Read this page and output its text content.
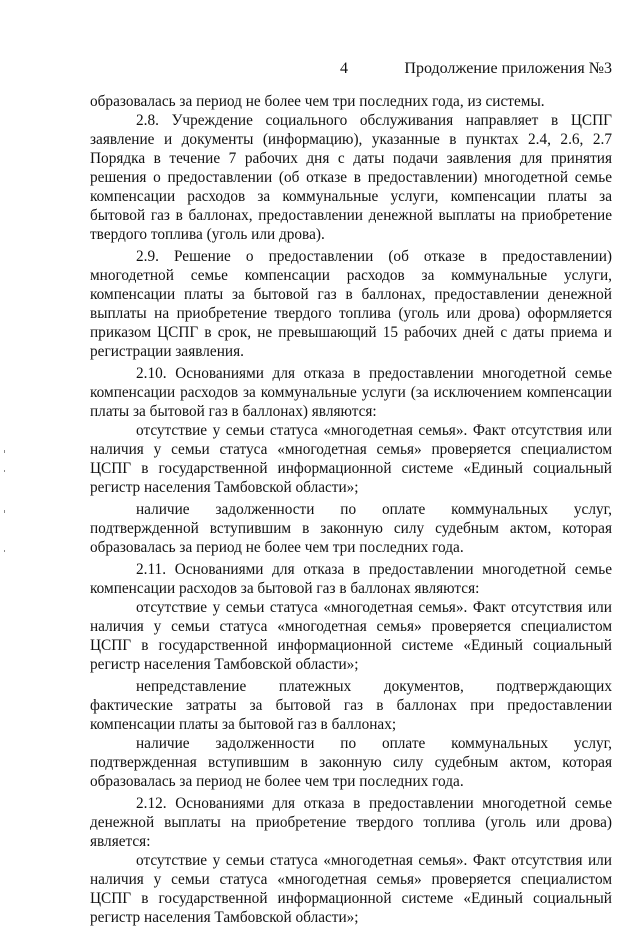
4	Продолжение приложения №3

образовалась за период не более чем три последних года, из системы.

2.8. Учреждение социального обслуживания направляет в ЦСПГ заявление и документы (информацию), указанные в пунктах 2.4, 2.6, 2.7 Порядка в течение 7 рабочих дня с даты подачи заявления для принятия решения о предоставлении (об отказе в предоставлении) многодетной семье компенсации расходов за коммунальные услуги, компенсации платы за бытовой газ в баллонах, предоставлении денежной выплаты на приобретение твердого топлива (уголь или дрова).

2.9. Решение о предоставлении (об отказе в предоставлении) многодетной семье компенсации расходов за коммунальные услуги, компенсации платы за бытовой газ в баллонах, предоставлении денежной выплаты на приобретение твердого топлива (уголь или дрова) оформляется приказом ЦСПГ в срок, не превышающий 15 рабочих дней с даты приема и регистрации заявления.

2.10. Основаниями для отказа в предоставлении многодетной семье компенсации расходов за коммунальные услуги (за исключением компенсации платы за бытовой газ в баллонах) являются:

отсутствие у семьи статуса «многодетная семья». Факт отсутствия или наличия у семьи статуса «многодетная семья» проверяется специалистом ЦСПГ в государственной информационной системе «Единый социальный регистр населения Тамбовской области»;

наличие задолженности по оплате коммунальных услуг, подтвержденной вступившим в законную силу судебным актом, которая образовалась за период не более чем три последних года.

2.11. Основаниями для отказа в предоставлении многодетной семье компенсации расходов за бытовой газ в баллонах являются:

отсутствие у семьи статуса «многодетная семья». Факт отсутствия или наличия у семьи статуса «многодетная семья» проверяется специалистом ЦСПГ в государственной информационной системе «Единый социальный регистр населения Тамбовской области»;

непредставление платежных документов, подтверждающих фактические затраты за бытовой газ в баллонах при предоставлении компенсации платы за бытовой газ в баллонах;

наличие задолженности по оплате коммунальных услуг, подтвержденная вступившим в законную силу судебным актом, которая образовалась за период не более чем три последних года.

2.12. Основаниями для отказа в предоставлении многодетной семье денежной выплаты на приобретение твердого топлива (уголь или дрова) является:

отсутствие у семьи статуса «многодетная семья». Факт отсутствия или наличия у семьи статуса «многодетная семья» проверяется специалистом ЦСПГ в государственной информационной системе «Единый социальный регистр населения Тамбовской области»;
